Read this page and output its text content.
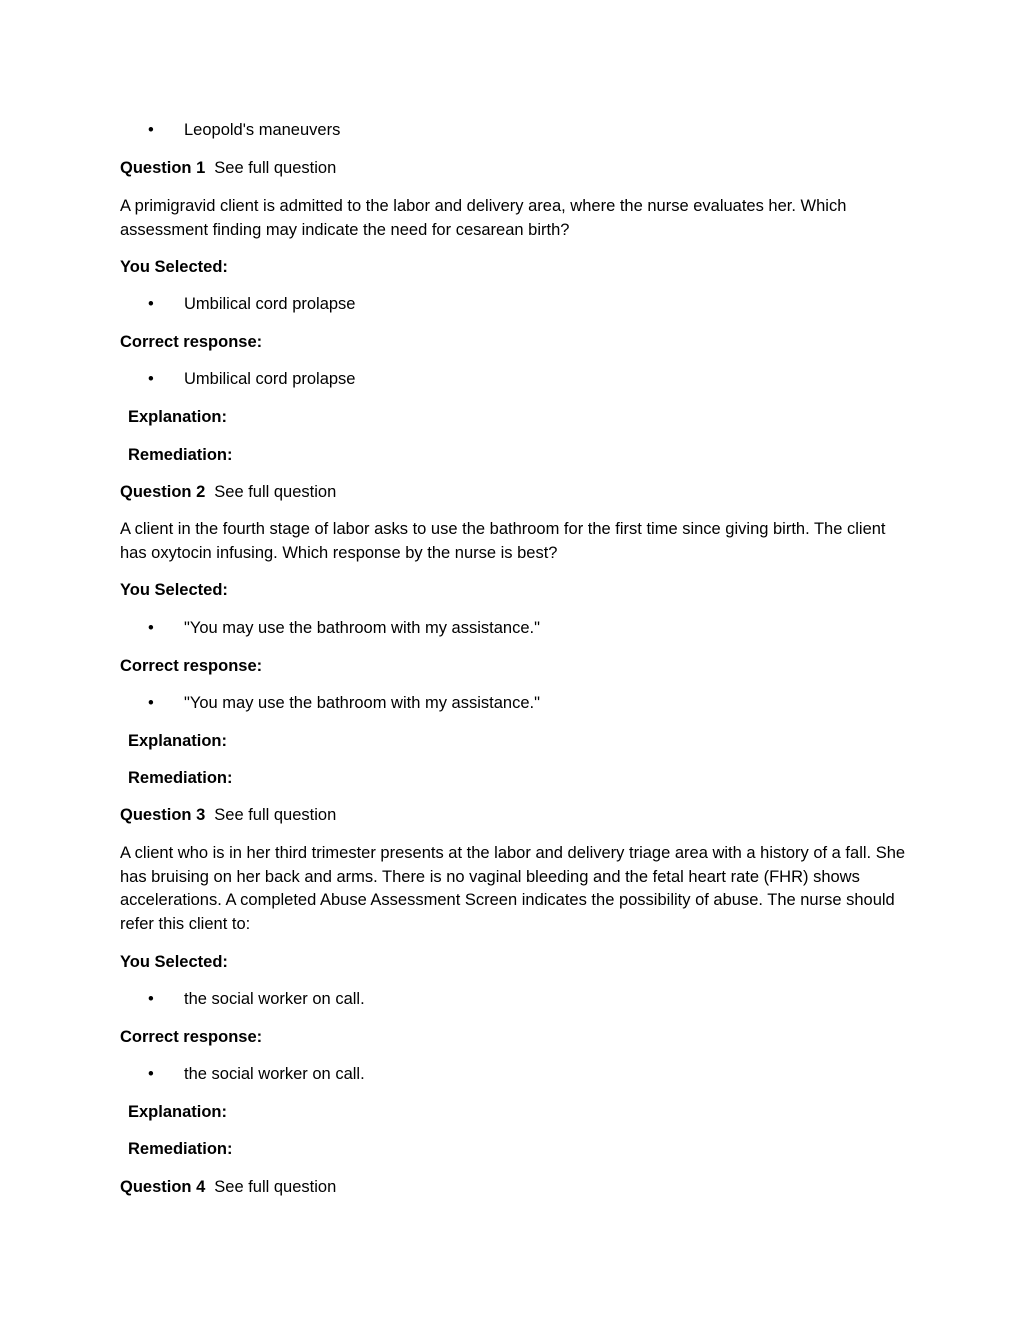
• Leopold's maneuvers
Question 1 See full question
A primigravid client is admitted to the labor and delivery area, where the nurse evaluates her. Which assessment finding may indicate the need for cesarean birth?
You Selected:
• Umbilical cord prolapse
Correct response:
• Umbilical cord prolapse
Explanation:
Remediation:
Question 2 See full question
A client in the fourth stage of labor asks to use the bathroom for the first time since giving birth. The client has oxytocin infusing. Which response by the nurse is best?
You Selected:
• "You may use the bathroom with my assistance."
Correct response:
• "You may use the bathroom with my assistance."
Explanation:
Remediation:
Question 3 See full question
A client who is in her third trimester presents at the labor and delivery triage area with a history of a fall. She has bruising on her back and arms. There is no vaginal bleeding and the fetal heart rate (FHR) shows accelerations. A completed Abuse Assessment Screen indicates the possibility of abuse. The nurse should refer this client to:
You Selected:
• the social worker on call.
Correct response:
• the social worker on call.
Explanation:
Remediation:
Question 4 See full question
